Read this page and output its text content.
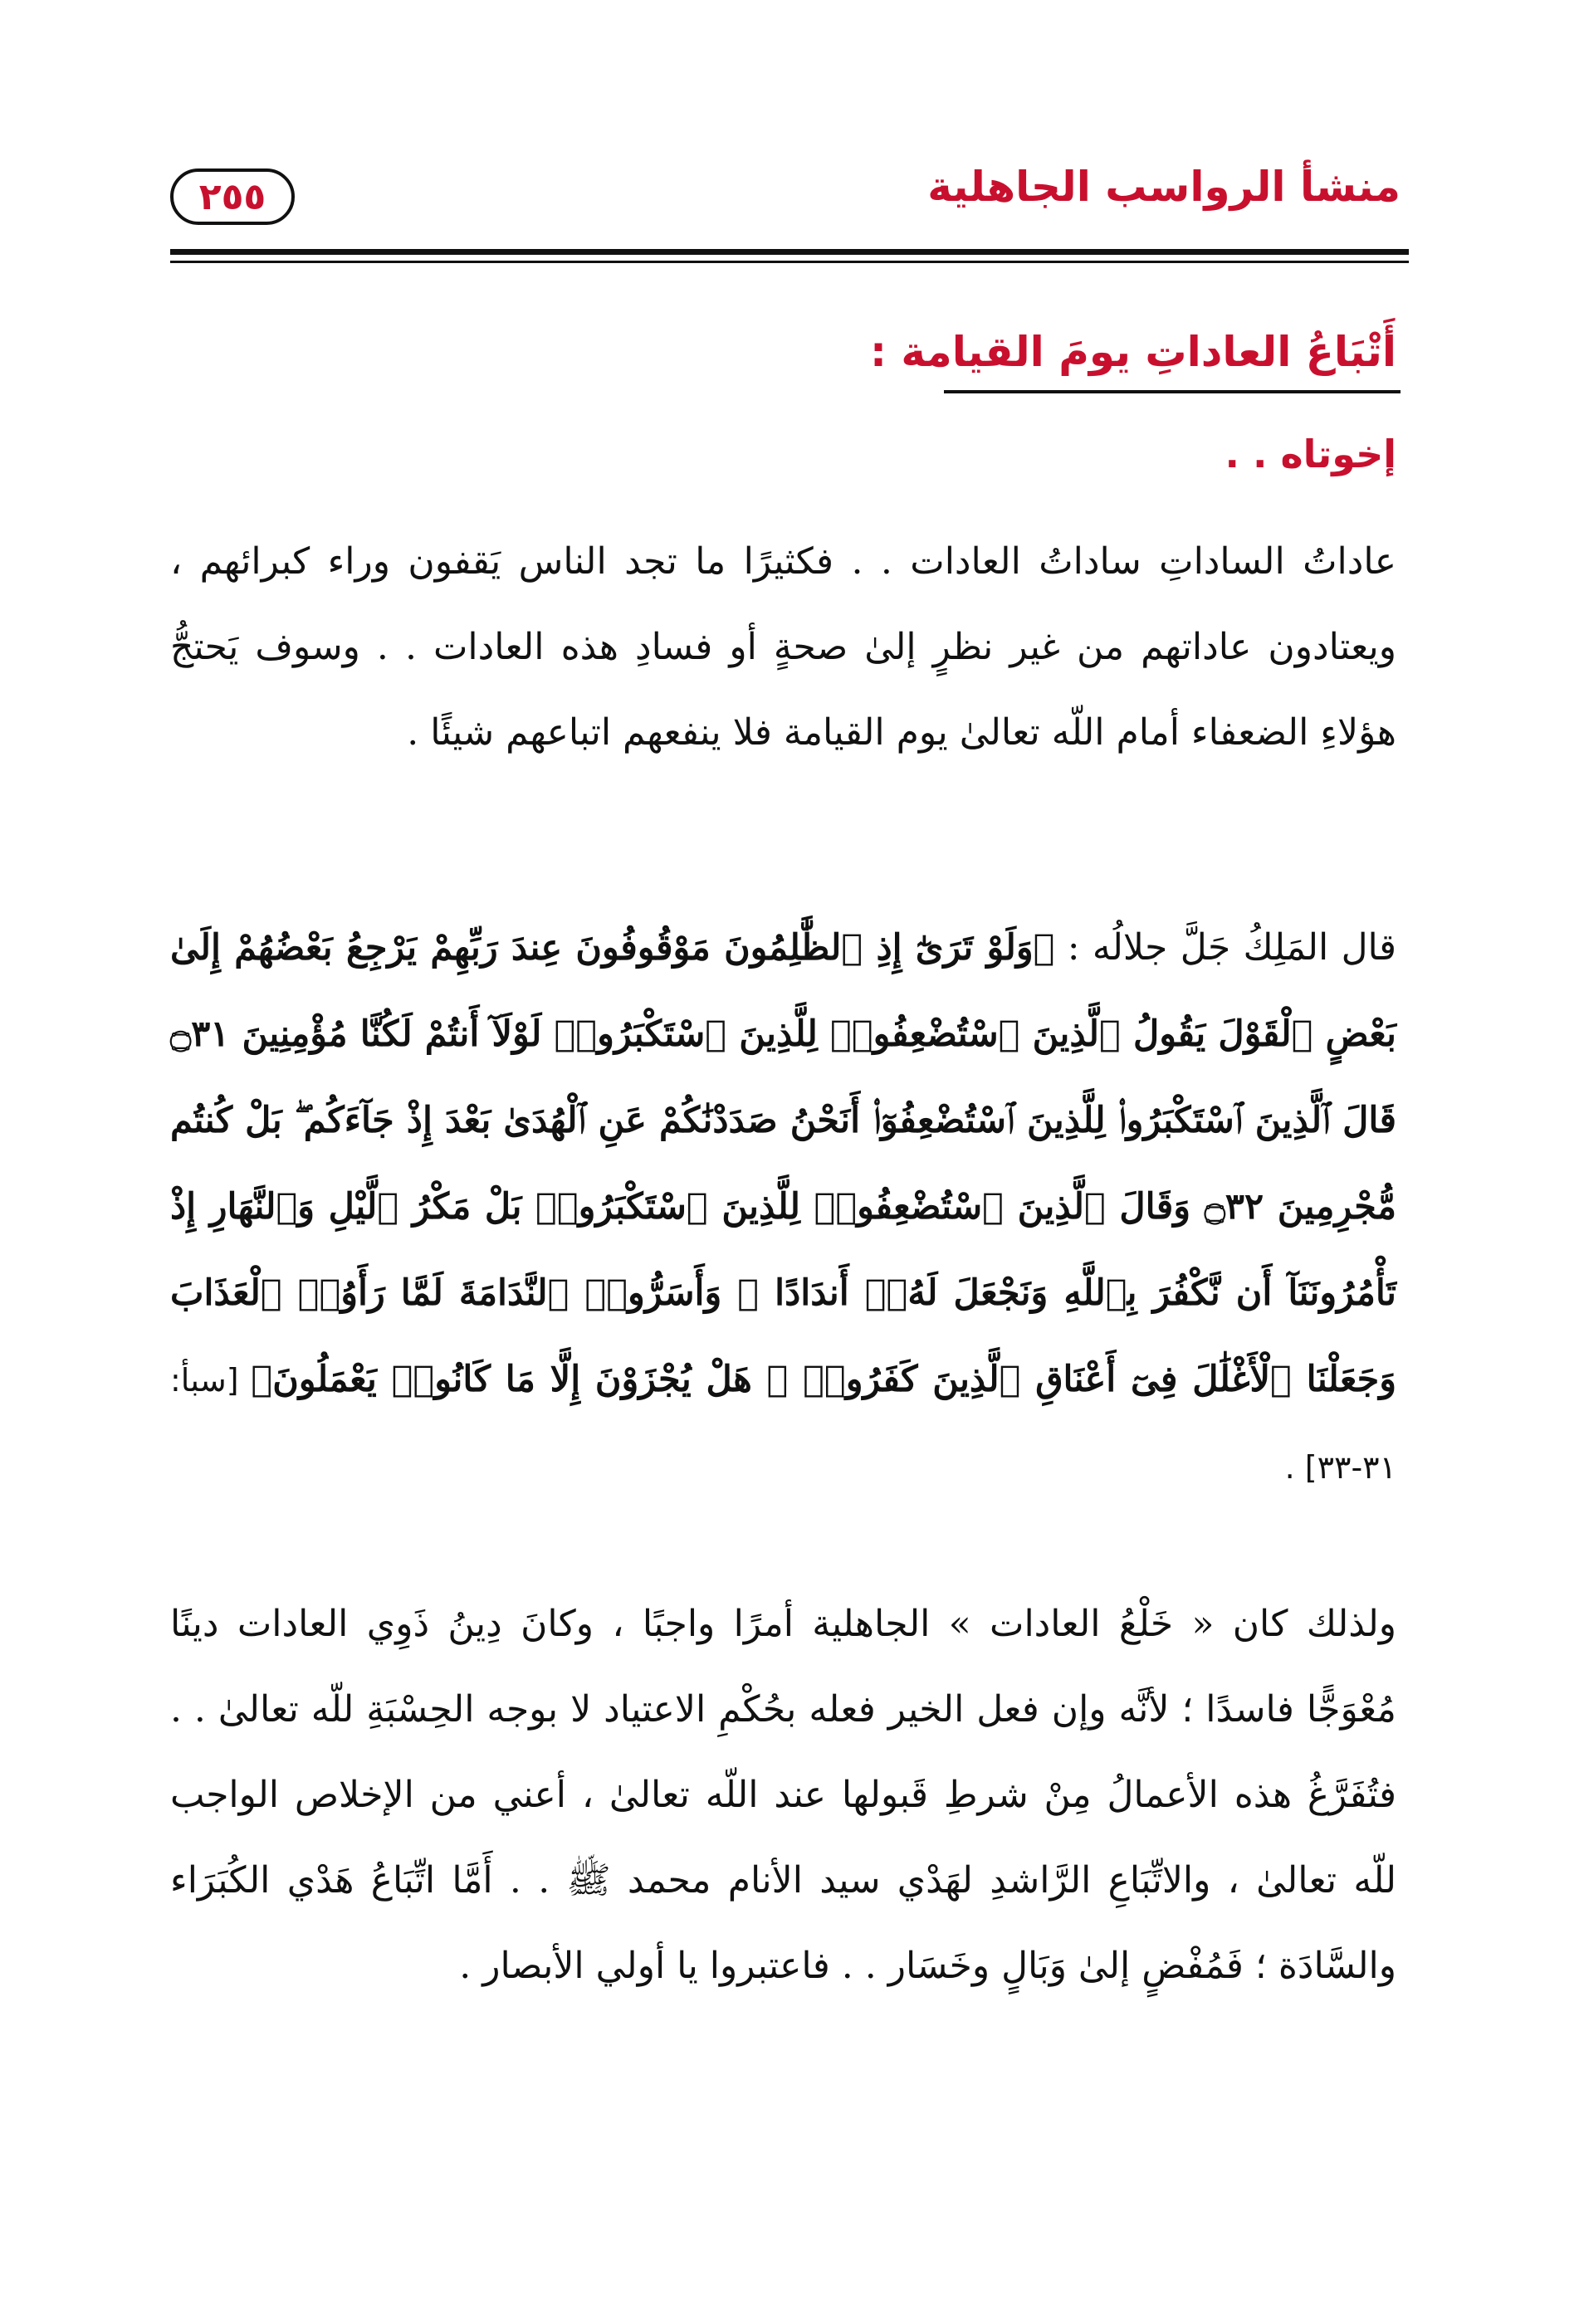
منشأ الرواسب الجاهلية
٢٥٥
أَتْبَاعُ العاداتِ يومَ القيامة :
إخوتاه . .

عاداتُ الساداتِ ساداتُ العادات . . فكثيرًا ما تجد الناس يَقفون وراء كبرائهم ، ويعتادون عاداتهم من غير نظرٍ إلىٰ صحةٍ أو فسادِ هذه العادات . . وسوف يَحتجُّ هؤلاءِ الضعفاء أمام اللّه تعالىٰ يوم القيامة فلا ينفعهم اتباعهم شيئًا .

قال المَلِكُ جَلَّ جلالُه : ﴿وَلَوْ تَرَىٰٓ إِذِ ٱلظَّٰلِمُونَ مَوْقُوفُونَ عِندَ رَبِّهِمْ يَرْجِعُ بَعْضُهُمْ إِلَىٰ بَعْضٍ ٱلْقَوْلَ يَقُولُ ٱلَّذِينَ ٱسْتُضْعِفُوا۟ لِلَّذِينَ ٱسْتَكْبَرُوا۟ لَوْلَآ أَنتُمْ لَكُنَّا مُؤْمِنِينَ ۝٣١ قَالَ ٱلَّذِينَ ٱسْتَكْبَرُوا۟ لِلَّذِينَ ٱسْتُضْعِفُوٓا۟ أَنَحْنُ صَدَدْنَٰكُمْ عَنِ ٱلْهُدَىٰ بَعْدَ إِذْ جَآءَكُم ۖ بَلْ كُنتُم مُّجْرِمِينَ ۝٣٢ وَقَالَ ٱلَّذِينَ ٱسْتُضْعِفُوا۟ لِلَّذِينَ ٱسْتَكْبَرُوا۟ بَلْ مَكْرُ ٱلَّيْلِ وَٱلنَّهَارِ إِذْ تَأْمُرُونَنَآ أَن نَّكْفُرَ بِٱللَّهِ وَنَجْعَلَ لَهُۥٓ أَندَادًا ۚ وَأَسَرُّوا۟ ٱلنَّدَامَةَ لَمَّا رَأَوُا۟ ٱلْعَذَابَ وَجَعَلْنَا ٱلْأَغْلَٰلَ فِىٓ أَعْنَاقِ ٱلَّذِينَ كَفَرُوا۟ ۚ هَلْ يُجْزَوْنَ إِلَّا مَا كَانُوا۟ يَعْمَلُونَ﴾ [سبأ: ٣١-٣٣] .

ولذلك كان « خَلْعُ العادات » الجاهلية أمرًا واجبًا ، وكانَ دِينُ ذَوِي العادات دينًا مُعْوَجًّا فاسدًا ؛ لأنَّه وإن فعل الخير فعله بحُكْمِ الاعتياد لا بوجه الحِسْبَةِ للّه تعالىٰ . . فتُفَرَّغُ هذه الأعمالُ مِنْ شرطِ قَبولها عند اللّه تعالىٰ ، أعني من الإخلاص الواجب للّه تعالىٰ ، والاتِّبَاعِ الرَّاشدِ لهَدْي سيد الأنام محمد ﷺ . . أَمَّا اتِّبَاعُ هَدْي الكُبَرَاء والسَّادَة ؛ فَمُفْضٍ إلىٰ وَبَالٍ وخَسَار . . فاعتبروا يا أولي الأبصار .
